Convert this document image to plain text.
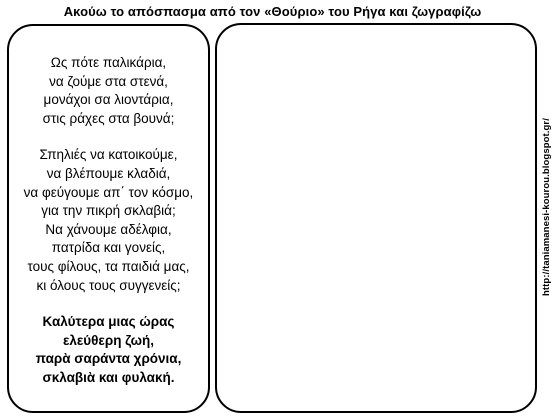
Ακούω το απόσπασμα από τον «Θούριο» του Ρήγα και ζωγραφίζω
Ως πότε παλικάρια,
να ζούμε στα στενά,
μονάχοι σα λιοντάρια,
στις ράχες στα βουνά;
Σπηλιές να κατοικούμε,
να βλέπουμε κλαδιά,
να φεύγουμε απ΄ τον κόσμο,
για την πικρή σκλαβιά;
Να χάνουμε αδέλφια,
πατρίδα και γονείς,
τους φίλους, τα παιδιά μας,
κι όλους τους συγγενείς;
Καλύτερα μιας ώρας
ελεύθερη ζωή,
παρὰ σαράντα χρόνια,
σκλαβιὰ και φυλακή.
http://taniamanesi-kourou.blogspot.gr/
